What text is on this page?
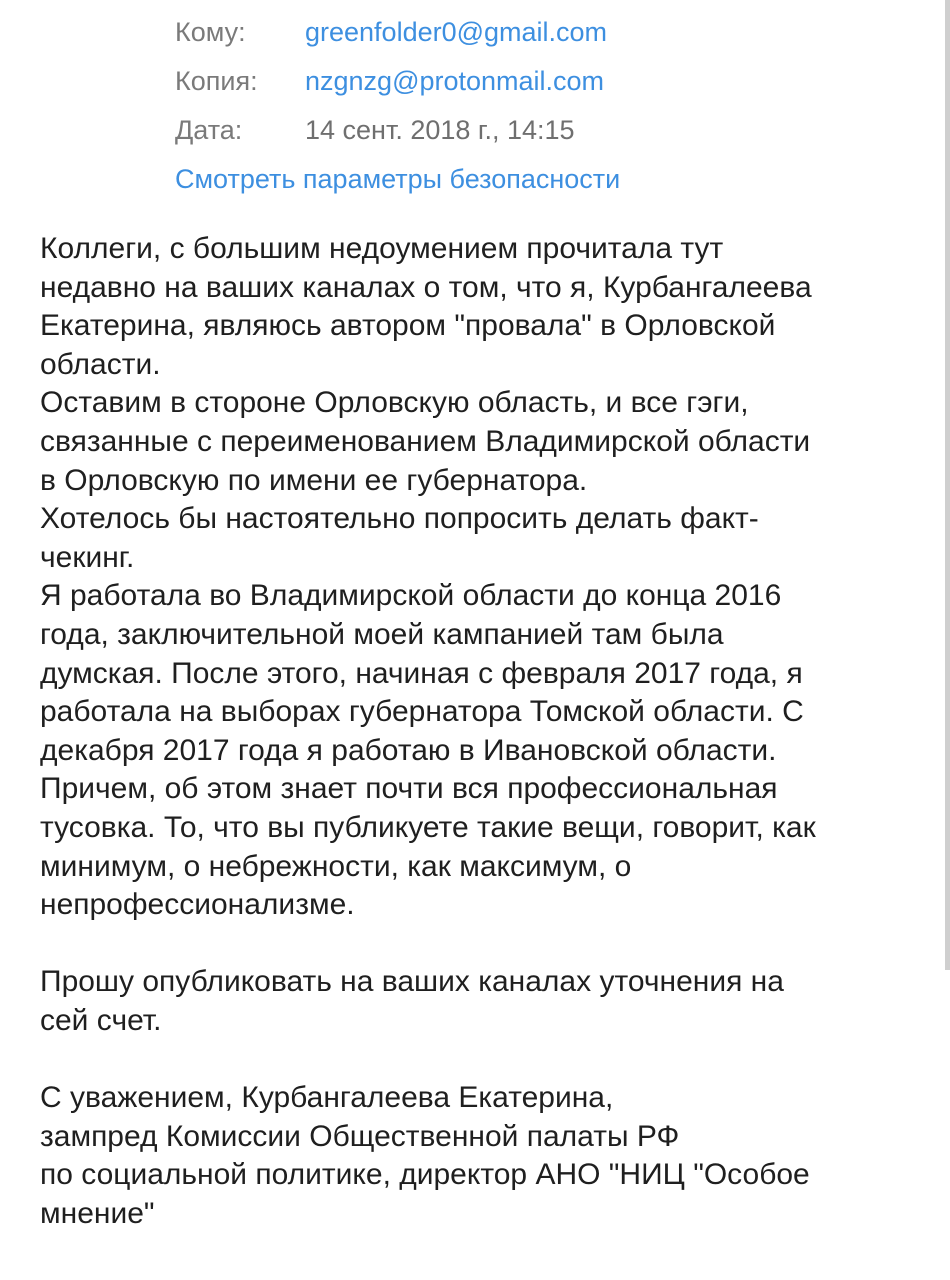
Кому:	greenfolder0@gmail.com
Копия:	nzgnzg@protonmail.com
Дата:	14 сент. 2018 г., 14:15
Смотреть параметры безопасности
Коллеги, с большим недоумением прочитала тут
недавно на ваших каналах о том, что я, Курбангалеева
Екатерина, являюсь автором "провала" в Орловской
области.
Оставим в стороне Орловскую область, и все гэги,
связанные с переименованием Владимирской области
в Орловскую по имени ее губернатора.
Хотелось бы настоятельно попросить делать факт-
чекинг.
Я работала во Владимирской области до конца 2016
года, заключительной моей кампанией там была
думская. После этого, начиная с февраля 2017 года, я
работала на выборах губернатора Томской области. С
декабря 2017 года я работаю в Ивановской области.
Причем, об этом знает почти вся профессиональная
тусовка. То, что вы публикуете такие вещи, говорит, как
минимум, о небрежности, как максимум, о
непрофессионализме.
Прошу опубликовать на ваших каналах уточнения на
сей счет.
С уважением, Курбангалеева Екатерина,
зампред Комиссии Общественной палаты РФ
по социальной политике, директор АНО "НИЦ "Особое
мнение"
